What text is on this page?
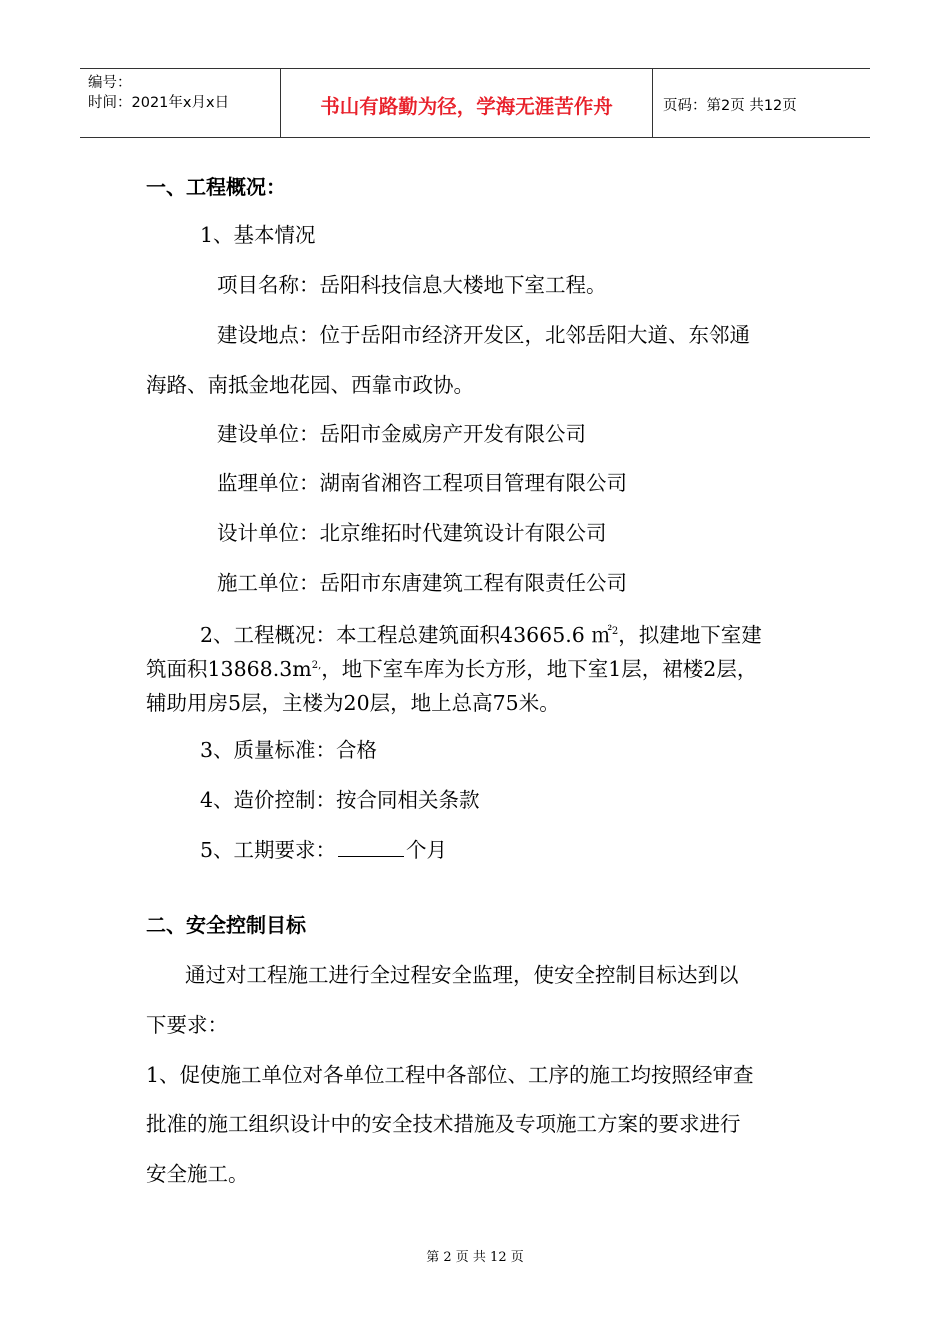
编号：
时间：2021年x月x日	书山有路勤为径，学海无涯苦作舟	页码：第2页 共12页
一、工程概况：
1、基本情况
项目名称：岳阳科技信息大楼地下室工程。
建设地点：位于岳阳市经济开发区，北邻岳阳大道、东邻通
海路、南抵金地花园、西靠市政协。
建设单位：岳阳市金威房产开发有限公司
监理单位：湖南省湘咨工程项目管理有限公司
设计单位：北京维拓时代建筑设计有限公司
施工单位：岳阳市东唐建筑工程有限责任公司
2、工程概况：本工程总建筑面积43665.6 ㎡$^2$，拟建地下室建
筑面积$13868.3m^{2,}$，地下室车库为长方形，地下室1层，裙楼2层，
辅助用房5层，主楼为20层，地上总高75米。
3、质量标准：合格
4、造价控制：按合同相关条款
5、工期要求：	个月
二、安全控制目标
通过对工程施工进行全过程安全监理，使安全控制目标达到以
下要求：
1、促使施工单位对各单位工程中各部位、工序的施工均按照经审查
批准的施工组织设计中的安全技术措施及专项施工方案的要求进行
安全施工。
第 2 页 共 12 页
